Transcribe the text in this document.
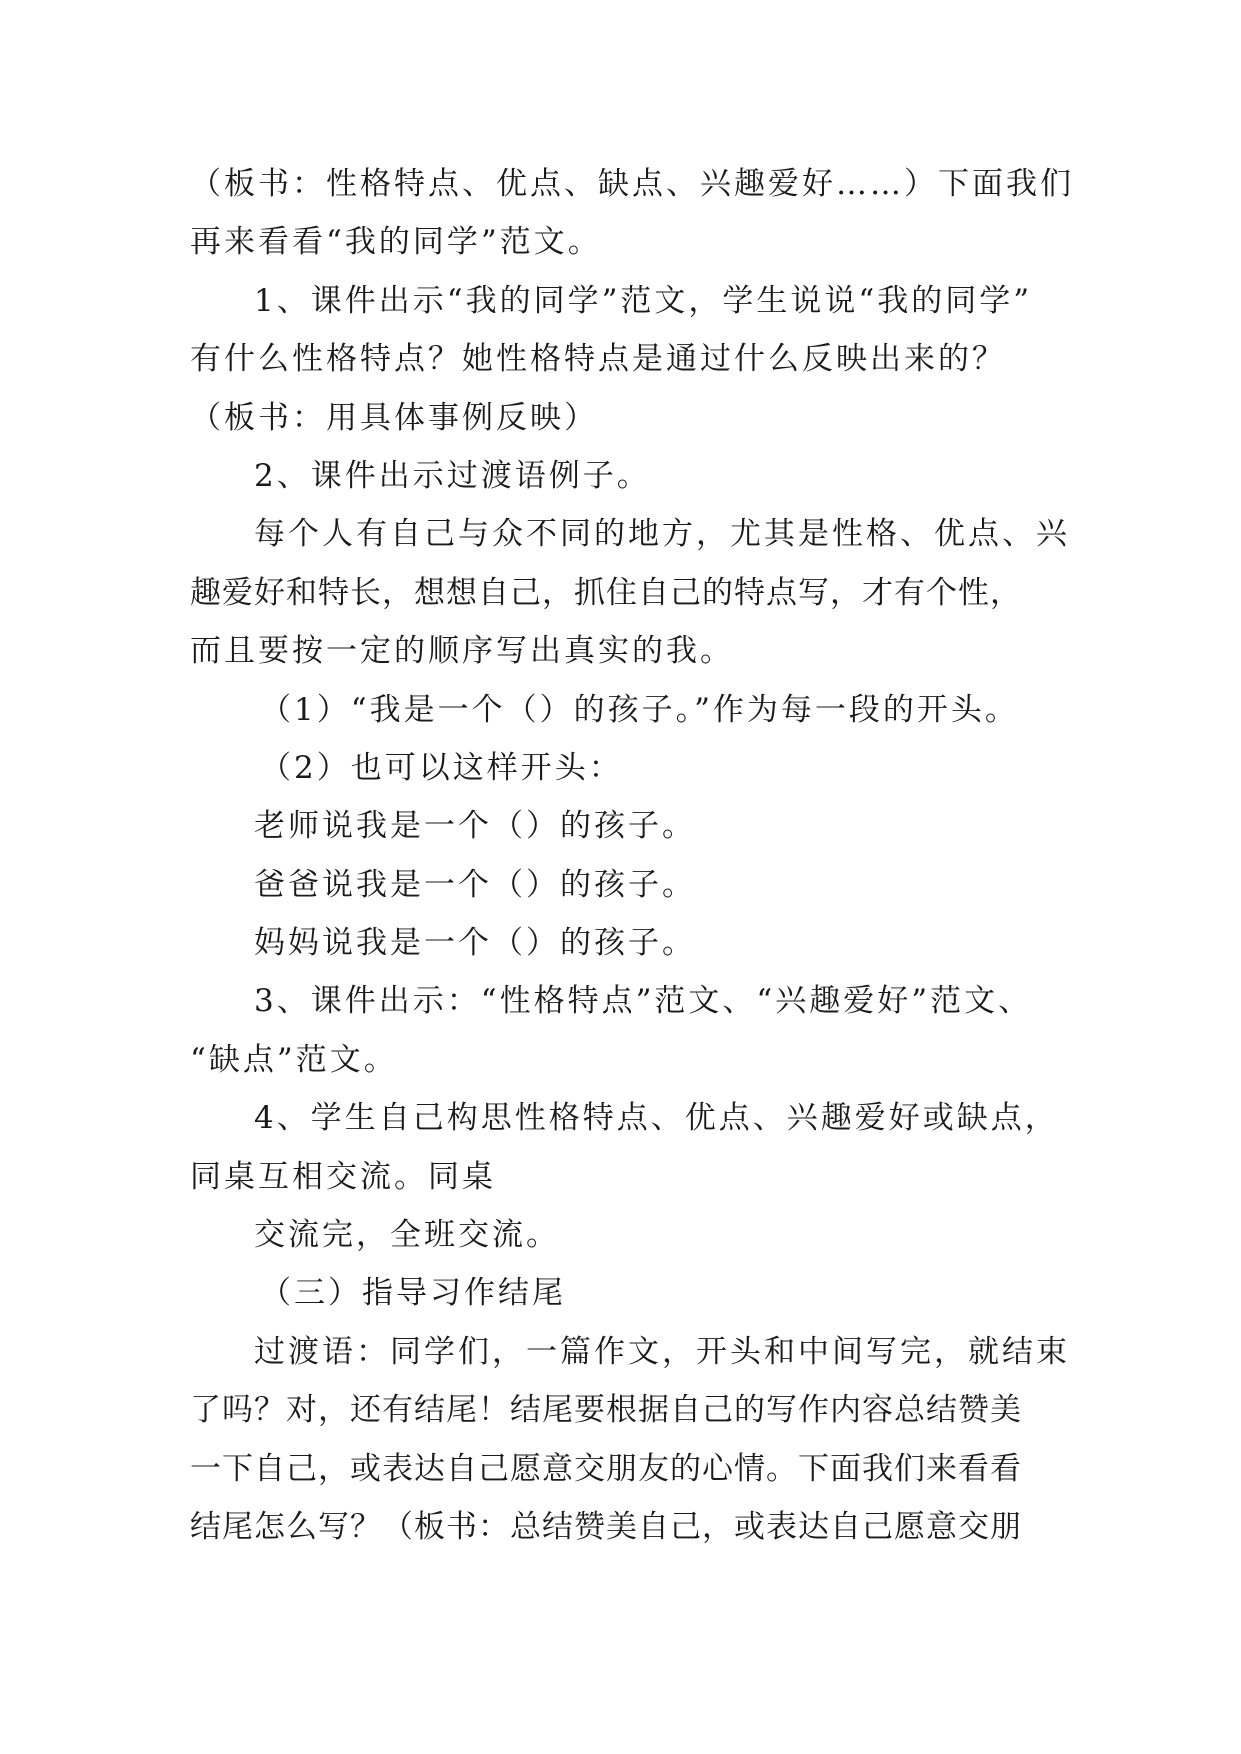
（板书：性格特点、优点、缺点、兴趣爱好……）下面我们
再来看看“我的同学”范文。
1、课件出示“我的同学”范文，学生说说“我的同学”
有什么性格特点？她性格特点是通过什么反映出来的？
（板书：用具体事例反映）
2、课件出示过渡语例子。
每个人有自己与众不同的地方，尤其是性格、优点、兴
趣爱好和特长，想想自己，抓住自己的特点写，才有个性，
而且要按一定的顺序写出真实的我。
（1）“我是一个（）的孩子。”作为每一段的开头。
（2）也可以这样开头：
老师说我是一个（）的孩子。
爸爸说我是一个（）的孩子。
妈妈说我是一个（）的孩子。
3、课件出示：“性格特点”范文、“兴趣爱好”范文、
“缺点”范文。
4、学生自己构思性格特点、优点、兴趣爱好或缺点，
同桌互相交流。同桌
交流完，全班交流。
（三）指导习作结尾
过渡语：同学们，一篇作文，开头和中间写完，就结束
了吗？对，还有结尾！结尾要根据自己的写作内容总结赞美
一下自己，或表达自己愿意交朋友的心情。下面我们来看看
结尾怎么写？（板书：总结赞美自己，或表达自己愿意交朋
